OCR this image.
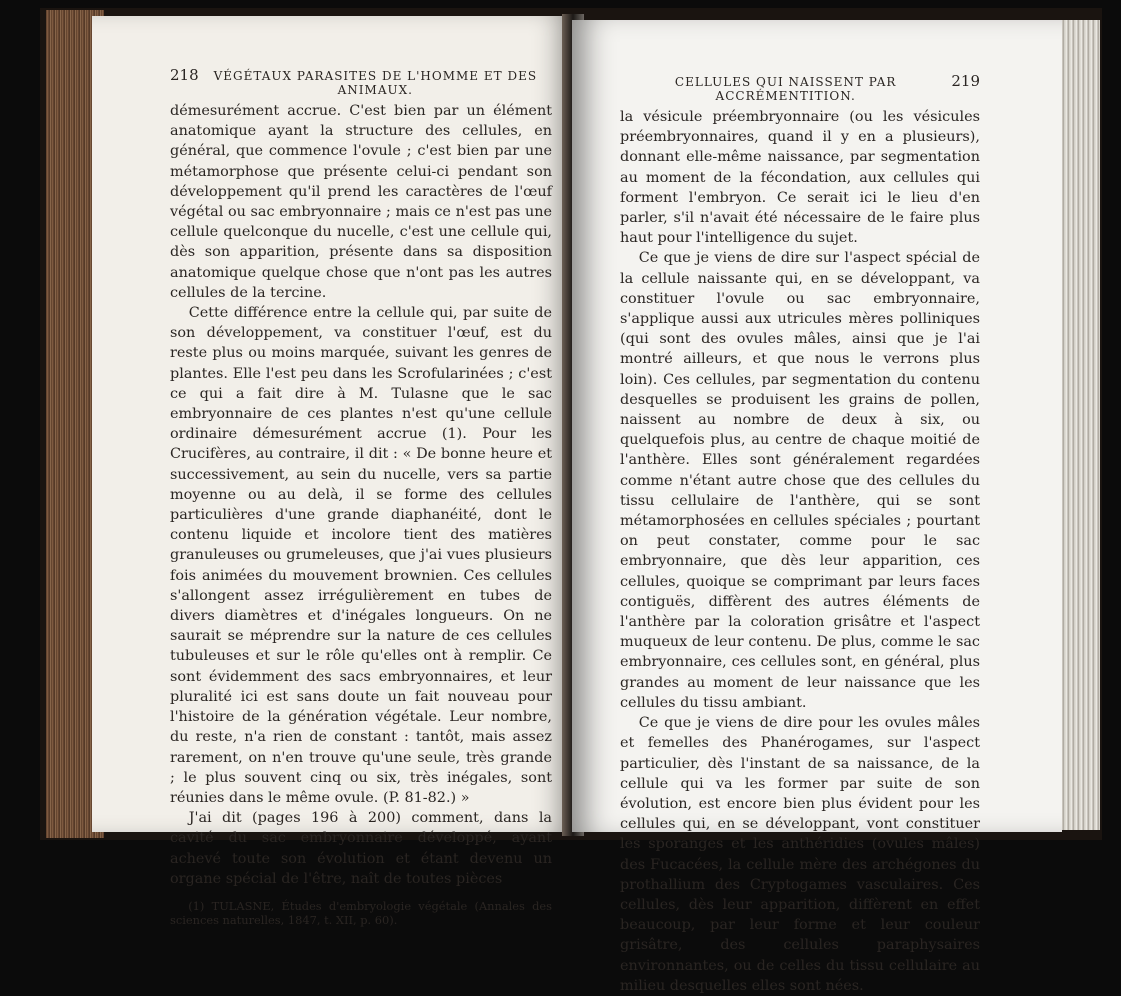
218	VÉGÉTAUX PARASITES DE L'HOMME ET DES ANIMAUX.

démesurément accrue. C'est bien par un élément anatomique ayant la structure des cellules, en général, que commence l'ovule ; c'est bien par une métamorphose que présente celui-ci pendant son développement qu'il prend les caractères de l'œuf végétal ou sac embryonnaire ; mais ce n'est pas une cellule quelconque du nucelle, c'est une cellule qui, dès son apparition, présente dans sa disposition anatomique quelque chose que n'ont pas les autres cellules de la tercine.

Cette différence entre la cellule qui, par suite de son développement, va constituer l'œuf, est du reste plus ou moins marquée, suivant les genres de plantes. Elle l'est peu dans les Scrofularinées ; c'est ce qui a fait dire à M. Tulasne que le sac embryonnaire de ces plantes n'est qu'une cellule ordinaire démesurément accrue (1). Pour les Crucifères, au contraire, il dit : « De bonne heure et successivement, au sein du nucelle, vers sa partie moyenne ou au delà, il se forme des cellules particulières d'une grande diaphanéité, dont le contenu liquide et incolore tient des matières granuleuses ou grumeleuses, que j'ai vues plusieurs fois animées du mouvement brownien. Ces cellules s'allongent assez irrégulièrement en tubes de divers diamètres et d'inégales longueurs. On ne saurait se méprendre sur la nature de ces cellules tubuleuses et sur le rôle qu'elles ont à remplir. Ce sont évidemment des sacs embryonnaires, et leur pluralité ici est sans doute un fait nouveau pour l'histoire de la génération végétale. Leur nombre, du reste, n'a rien de constant : tantôt, mais assez rarement, on n'en trouve qu'une seule, très grande ; le plus souvent cinq ou six, très inégales, sont réunies dans le même ovule. (P. 81-82.) »

J'ai dit (pages 196 à 200) comment, dans la cavité du sac embryonnaire développé, ayant achevé toute son évolution et étant devenu un organe spécial de l'être, naît de toutes pièces

(1) TULASNE, Études d'embryologie végétale (Annales des sciences naturelles, 1847, t. XII, p. 60).
CELLULES QUI NAISSENT PAR ACCRÉMENTITION.
219

la vésicule préembryonnaire (ou les vésicules préembryonnaires, quand il y en a plusieurs), donnant elle-même naissance, par segmentation au moment de la fécondation, aux cellules qui forment l'embryon. Ce serait ici le lieu d'en parler, s'il n'avait été nécessaire de le faire plus haut pour l'intelligence du sujet.

Ce que je viens de dire sur l'aspect spécial de la cellule naissante qui, en se développant, va constituer l'ovule ou sac embryonnaire, s'applique aussi aux utricules mères polliniques (qui sont des ovules mâles, ainsi que je l'ai montré ailleurs, et que nous le verrons plus loin). Ces cellules, par segmentation du contenu desquelles se produisent les grains de pollen, naissent au nombre de deux à six, ou quelquefois plus, au centre de chaque moitié de l'anthère. Elles sont généralement regardées comme n'étant autre chose que des cellules du tissu cellulaire de l'anthère, qui se sont métamorphosées en cellules spéciales ; pourtant on peut constater, comme pour le sac embryonnaire, que dès leur apparition, ces cellules, quoique se comprimant par leurs faces contiguës, diffèrent des autres éléments de l'anthère par la coloration grisâtre et l'aspect muqueux de leur contenu. De plus, comme le sac embryonnaire, ces cellules sont, en général, plus grandes au moment de leur naissance que les cellules du tissu ambiant.

Ce que je viens de dire pour les ovules mâles et femelles des Phanérogames, sur l'aspect particulier, dès l'instant de sa naissance, de la cellule qui va les former par suite de son évolution, est encore bien plus évident pour les cellules qui, en se développant, vont constituer les sporanges et les anthéridies (ovules mâles) des Fucacées, la cellule mère des archégones du prothallium des Cryptogames vasculaires. Ces cellules, dès leur apparition, diffèrent en effet beaucoup, par leur forme et leur couleur grisâtre, des cellules paraphysaires environnantes, ou de celles du tissu cellulaire au milieu desquelles elles sont nées.
